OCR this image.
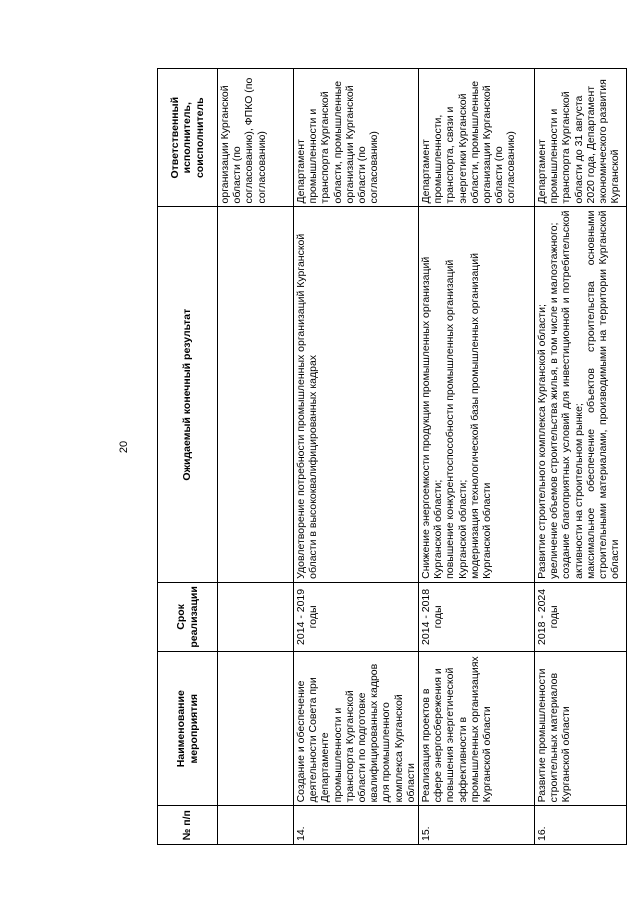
20
№ п/п	Наименование мероприятия	Срок реализации	Ожидаемый конечный результат	Ответственный исполнитель, соисполнитель
				организации Курганской области (по согласованию), ФПКО (по согласованию)
14.	Создание и обеспечение деятельности Совета при Департаменте промышленности и транспорта Курганской области по подготовке квалифицированных кадров для промышленного комплекса Курганской области	2014 - 2019 годы	Удовлетворение потребности промышленных организаций Курганской области в высококвалифицированных кадрах	Департамент промышленности и транспорта Курганской области, промышленные организации Курганской области (по согласованию)
15.	Реализация проектов в сфере энергосбережения и повышения энергетической эффективности в промышленных организациях Курганской области	2014 - 2018 годы	Снижение энергоемкости продукции промышленных организаций Курганской области; повышение конкурентоспособности промышленных организаций Курганской области; модернизация технологической базы промышленных организаций Курганской области	Департамент промышленности, транспорта, связи и энергетики Курганской области, промышленные организации Курганской области (по согласованию)
16.	Развитие промышленности строительных материалов Курганской области	2018 - 2024 годы	Развитие строительного комплекса Курганской области; увеличение объемов строительства жилья, в том числе и малоэтажного; создание благоприятных условий для инвестиционной и потребительской активности на строительном рынке; максимальное обеспечение объектов строительства основными строительными материалами, производимыми на территории Курганской области	Департамент промышленности и транспорта Курганской области до 31 августа 2020 года, Департамент экономического развития Курганской
